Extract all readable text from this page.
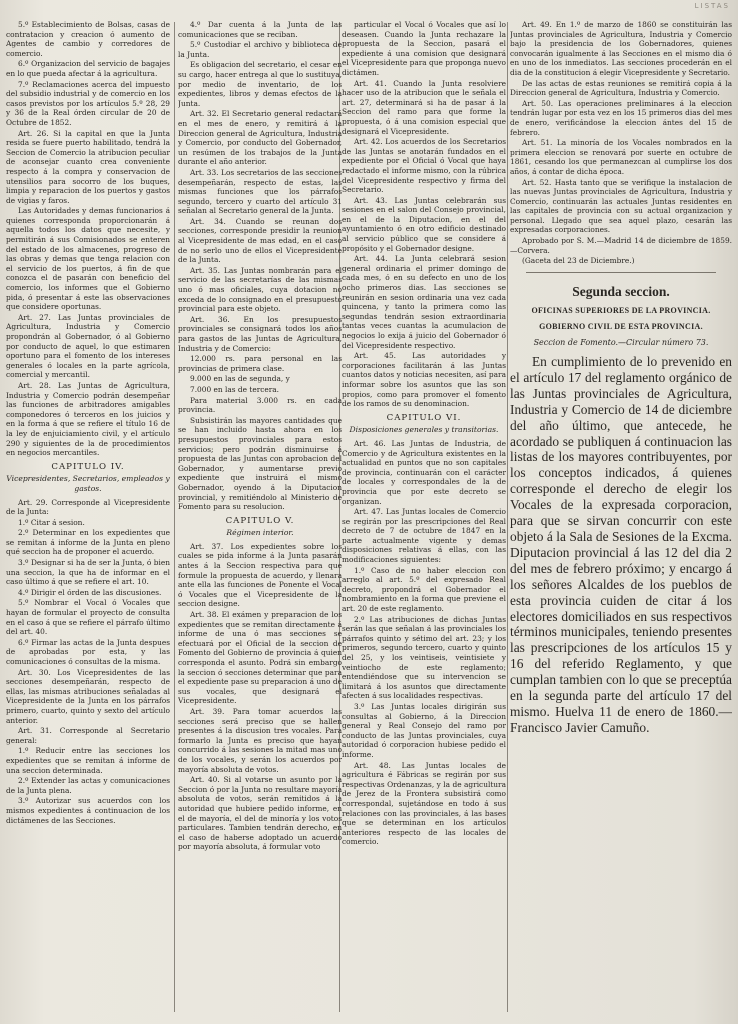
LISTAS

5.º Establecimiento de Bolsas, casas de contratacion y creacion ó aumento de Agentes de cambio y corredores de comercio.

6.º Organizacion del servicio de bagajes en lo que pueda afectar á la agricultura.

7.º Reclamaciones acerca del impuesto del subsidio industrial y de comercio en los casos previstos por los artículos 5.º 28, 29 y 36 de la Real órden circular de 20 de Octubre de 1852.

Art. 26. Si la capital en que la Junta resida se fuere puerto habilitado, tendrá la Seccion de Comercio la atribucion peculiar de aconsejar cuanto crea conveniente respecto á la compra y conservacion de utensilios para socorro de los buques, limpia y reparacion de los puertos y gastos de vigias y faros.

Las Autoridades y demas funcionarios á quienes corresponda proporcionarán á aquella todos los datos que necesite, y permitirán á sus Comisionados se enteren del estado de los almacenes, progreso de las obras y demas que tenga relacion con el servicio de los puertos, á fin de que conozca el de pasarán con beneficio del comercio, los informes que el Gobierno pida, ó presentar á este las observaciones que considere oportunas.

Art. 27. Las Juntas provinciales de Agricultura, Industria y Comercio propondrán al Gobernador, ó al Gobierno por conducto de aquel, lo que estimaren oportuno para el fomento de los intereses generales ó locales en la parte agrícola, comercial y mercantil.

Art. 28. Las Juntas de Agricultura, Industria y Comercio podrán desempeñar las funciones de arbitradores amigables componedores ó terceros en los juicios y en la forma á que se refiere el título 16 de la ley de enjuiciamiento civil, y el artículo 290 y siguientes de la de procedimientos en negocios mercantiles.

CAPITULO IV.
Vicepresidentes, Secretarios, empleados y gastos.

Art. 29. Corresponde al Vicepresidente de la Junta:

1.º Citar á sesion.

2.º Determinar en los expedientes que se remitan á informe de la Junta en pleno qué seccion ha de proponer el acuerdo.

3.º Designar si ha de ser la Junta, ó bien una seccion, la que ha de informar en el caso último á que se refiere el art. 10.

4.º Dirigir el órden de las discusiones.

5.º Nombrar el Vocal ó Vocales que hayan de formular el proyecto de consulta en el caso á que se refiere el párrafo último del art. 40.

6.º Firmar las actas de la Junta despues de aprobadas por esta, y las comunicaciones ó consultas de la misma.

Art. 30. Los Vicepresidentes de las secciones desempeñarán, respecto de ellas, las mismas atribuciones señaladas al Vicepresidente de la Junta en los párrafos primero, cuarto, quinto y sexto del artículo anterior.

Art. 31. Corresponde al Secretario general:

1.º Reducir entre las secciones los expedientes que se remitan á informe de una seccion determinada.

2.º Extender las actas y comunicaciones de la Junta plena.

3.º Autorizar sus acuerdos con los mismos expedientes á continuacion de los dictámenes de las Secciones.

4.º Dar cuenta á la Junta de las comunicaciones que se reciban.

5.º Custodiar el archivo y biblioteca de la Junta.

Es obligacion del secretario, el cesar en su cargo, hacer entrega al que lo sustituya, por medio de inventario, de los expedientes, libros y demas efectos de la Junta.

Art. 32. El Secretario general redactará en el mes de enero, y remitirá á la Direccion general de Agricultura, Industria y Comercio, por conducto del Gobernador, un resúmen de los trabajos de la Junta durante el año anterior.

Art. 33. Los secretarios de las secciones desempeñarán, respecto de estas, las mismas funciones que los párrafos segundo, tercero y cuarto del artículo 31 señalan al Secretario general de la Junta.

Art. 34. Cuando se reunan dos secciones, corresponde presidir la reunion al Vicepresidente de mas edad, en el caso de no serlo uno de ellos el Vicepresidente de la Junta.

Art. 35. Las Juntas nombrarán para el servicio de las secretarías de las mismas uno ó mas oficiales, cuya dotacion no exceda de lo consignado en el presupuesto provincial para este objeto.

Art. 36. En los presupuestos provinciales se consignará todos los años para gastos de las Juntas de Agricultura, Industria y de Comercio:

12.000 rs. para personal en las provincias de primera clase.

9.000 en las de segunda, y

7.000 en las de tercera.

Para material 3.000 rs. en cada provincia.

Subsistirán las mayores cantidades que se han incluido hasta ahora en los presupuestos provinciales para estos servicios; pero podrán disminuirse á propuesta de las Juntas con aprobacion del Gobernador, y aumentarse previo expediente que instruirá el mismo Gobernador, oyendo á la Diputacion provincial, y remitiéndolo al Ministerio de Fomento para su resolucion.

CAPITULO V.
Régimen interior.

Art. 37. Los expedientes sobre los cuales se pida informe á la Junta pasarán antes á la Seccion respectiva para que formule la propuesta de acuerdo, y llenara ante ella las funciones de Ponente el Vocal ó Vocales que el Vicepresidente de la seccion designe.

Art. 38. El exámen y preparacion de los expedientes que se remitan directamente á informe de una ó mas secciones se efectuará por el Oficial de la seccion de Fomento del Gobierno de provincia á quien corresponda el asunto. Podrá sin embargo la seccion ó secciones determinar que para el expediente pase su preparacion á uno de sus vocales, que designará el Vicepresidente.

Art. 39. Para tomar acuerdos las secciones será preciso que se hallen presentes á la discusion tres vocales. Para formarlo la Junta es preciso que hayan concurrido á las sesiones la mitad mas uno de los vocales, y serán los acuerdos por mayoría absoluta de votos.

Art. 40. Si al votarse un asunto por la Seccion ó por la Junta no resultare mayoría absoluta de votos, serán remitidos á la autoridad que hubiere pedido informe, en el de mayoría, el del de minoría y los votos particulares. Tambien tendrán derecho, en el caso de haberse adoptado un acuerdo por mayoría absoluta, á formular voto

particular el Vocal ó Vocales que así lo deseasen. Cuando la Junta rechazare la propuesta de la Seccion, pasará el expediente á una comision que designará el Vicepresidente para que proponga nuevo dictámen.

Art. 41. Cuando la Junta resolviere hacer uso de la atribucion que le señala el art. 27, determinará si ha de pasar á la Seccion del ramo para que forme la propuesta, ó á una comision especial que designará el Vicepresidente.

Art. 42. Los acuerdos de los Secretarios de las Juntas se anotarán fundados en el expediente por el Oficial ó Vocal que haya redactado el informe mismo, con la rúbrica del Vicepresidente respectivo y firma del Secretario.

Art. 43. Las Juntas celebrarán sus sesiones en el salon del Consejo provincial, en el de la Diputacion, en el del ayuntamiento ó en otro edificio destinado al servicio público que se considere á propósito y el Gobernador designe.

Art. 44. La Junta celebrará sesion general ordinaria el primer domingo de cada mes, ó en su defecto en uno de los ocho primeros dias. Las secciones se reunirán en sesion ordinaria una vez cada quincena, y tanto la primera como las segundas tendrán sesion extraordinaria tantas veces cuantas la acumulacion de negocios lo exija á juicio del Gobernador ó del Vicepresidente respectivo.

Art. 45. Las autoridades y corporaciones facilitarán á las Juntas cuantos datos y noticias necesiten, así para informar sobre los asuntos que las son propios, como para promover el fomento de los ramos de su denominacion.

CAPITULO VI.
Disposiciones generales y transitorias.

Art. 46. Las Juntas de Industria, de Comercio y de Agricultura existentes en la actualidad en puntos que no son capitales de provincia, continuarán con el carácter de locales y correspondales de la de provincia que por este decreto se organizan.

Art. 47. Las Juntas locales de Comercio se regirán por las prescripciones del Real decreto de 7 de octubre de 1847 en la parte actualmente vigente y demas disposiciones relativas á ellas, con las modificaciones siguientes:

1.º Caso de no haber eleccion con arreglo al art. 5.º del expresado Real decreto, propondrá el Gobernador el nombramiento en la forma que previene el art. 20 de este reglamento.

2.º Las atribuciones de dichas Juntas serán las que señalan á las provinciales los párrafos quinto y sétimo del art. 23; y los primeros, segundo tercero, cuarto y quinto del 25, y los veintiseis, veintisiete y veintiocho de este reglamento; entendiéndose que su intervencion se limitará á los asuntos que directamente afecten á sus localidades respectivas.

3.º Las Juntas locales dirigirán sus consultas al Gobierno, á la Direccion general y Real Consejo del ramo por conducto de las Juntas provinciales, cuya autoridad ó corporacion hubiese pedido el informe.

Art. 48. Las Juntas locales de agricultura é Fábricas se regirán por sus respectivas Ordenanzas, y la de agricultura de Jerez de la Frontera subsistirá como correspondal, sujetándose en todo á sus relaciones con las provinciales, á las bases que se determinan en los artículos anteriores respecto de las locales de comercio.

Art. 49. En 1.º de marzo de 1860 se constituirán las Juntas provinciales de Agricultura, Industria y Comercio bajo la presidencia de los Gobernadores, quienes convocarán igualmente á las Secciones en el mismo dia ó en uno de los inmediatos. Las secciones procederán en el dia de la constitucion á elegir Vicepresidente y Secretario.

De las actas de estas reuniones se remitirá copia á la Direccion general de Agricultura, Industria y Comercio.

Art. 50. Las operaciones preliminares á la eleccion tendrán lugar por esta vez en los 15 primeros dias del mes de enero, verificándose la eleccion ántes del 15 de febrero.

Art. 51. La minoría de los Vocales nombrados en la primera eleccion se renovará por suerte en octubre de 1861, cesando los que permanezcan al cumplirse los dos años, á contar de dicha época.

Art. 52. Hasta tanto que se verifique la instalacion de las nuevas Juntas provinciales de Agricultura, Industria y Comercio, continuarán las actuales Juntas residentes en las capitales de provincia con su actual organizacion y personal. Llegado que sea aquel plazo, cesarán las expresadas corporaciones.

Aprobado por S. M.—Madrid 14 de diciembre de 1859.—Corvera.

(Gaceta del 23 de Diciembre.)

Segunda seccion.
OFICINAS SUPERIORES DE LA PROVINCIA.
GOBIERNO CIVIL DE ESTA PROVINCIA.
Seccion de Fomento.—Circular número 73.

En cumplimiento de lo prevenido en el artículo 17 del reglamento orgánico de las Juntas provinciales de Agricultura, Industria y Comercio de 14 de diciembre del año último, que antecede, he acordado se publiquen á continuacion las listas de los mayores contribuyentes, por los conceptos indicados, á quienes corresponde el derecho de elegir los Vocales de la expresada corporacion, para que se sirvan concurrir con este objeto á la Sala de Sesiones de la Excma. Diputacion provincial á las 12 del dia 2 del mes de febrero próximo; y encargo á los señores Alcaldes de los pueblos de esta provincia cuiden de citar á los electores domiciliados en sus respectivos términos municipales, teniendo presentes las prescripciones de los artículos 15 y 16 del referido Reglamento, y que cumplan tambien con lo que se preceptúa en la segunda parte del artículo 17 del mismo. Huelva 11 de enero de 1860.—Francisco Javier Camuño.
